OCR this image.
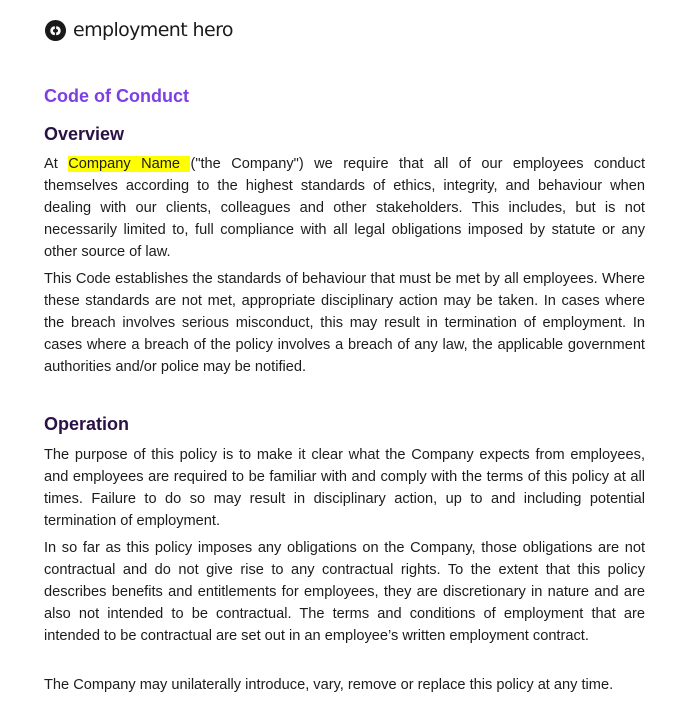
employment hero
Code of Conduct
Overview

At Company Name ("the Company") we require that all of our employees conduct themselves according to the highest standards of ethics, integrity, and behaviour when dealing with our clients, colleagues and other stakeholders. This includes, but is not necessarily limited to, full compliance with all legal obligations imposed by statute or any other source of law.

This Code establishes the standards of behaviour that must be met by all employees. Where these standards are not met, appropriate disciplinary action may be taken. In cases where the breach involves serious misconduct, this may result in termination of employment. In cases where a breach of the policy involves a breach of any law, the applicable government authorities and/or police may be notified.

Operation

The purpose of this policy is to make it clear what the Company expects from employees, and employees are required to be familiar with and comply with the terms of this policy at all times. Failure to do so may result in disciplinary action, up to and including potential termination of employment.

In so far as this policy imposes any obligations on the Company, those obligations are not contractual and do not give rise to any contractual rights. To the extent that this policy describes benefits and entitlements for employees, they are discretionary in nature and are also not intended to be contractual. The terms and conditions of employment that are intended to be contractual are set out in an employee’s written employment contract.

The Company may unilaterally introduce, vary, remove or replace this policy at any time.
